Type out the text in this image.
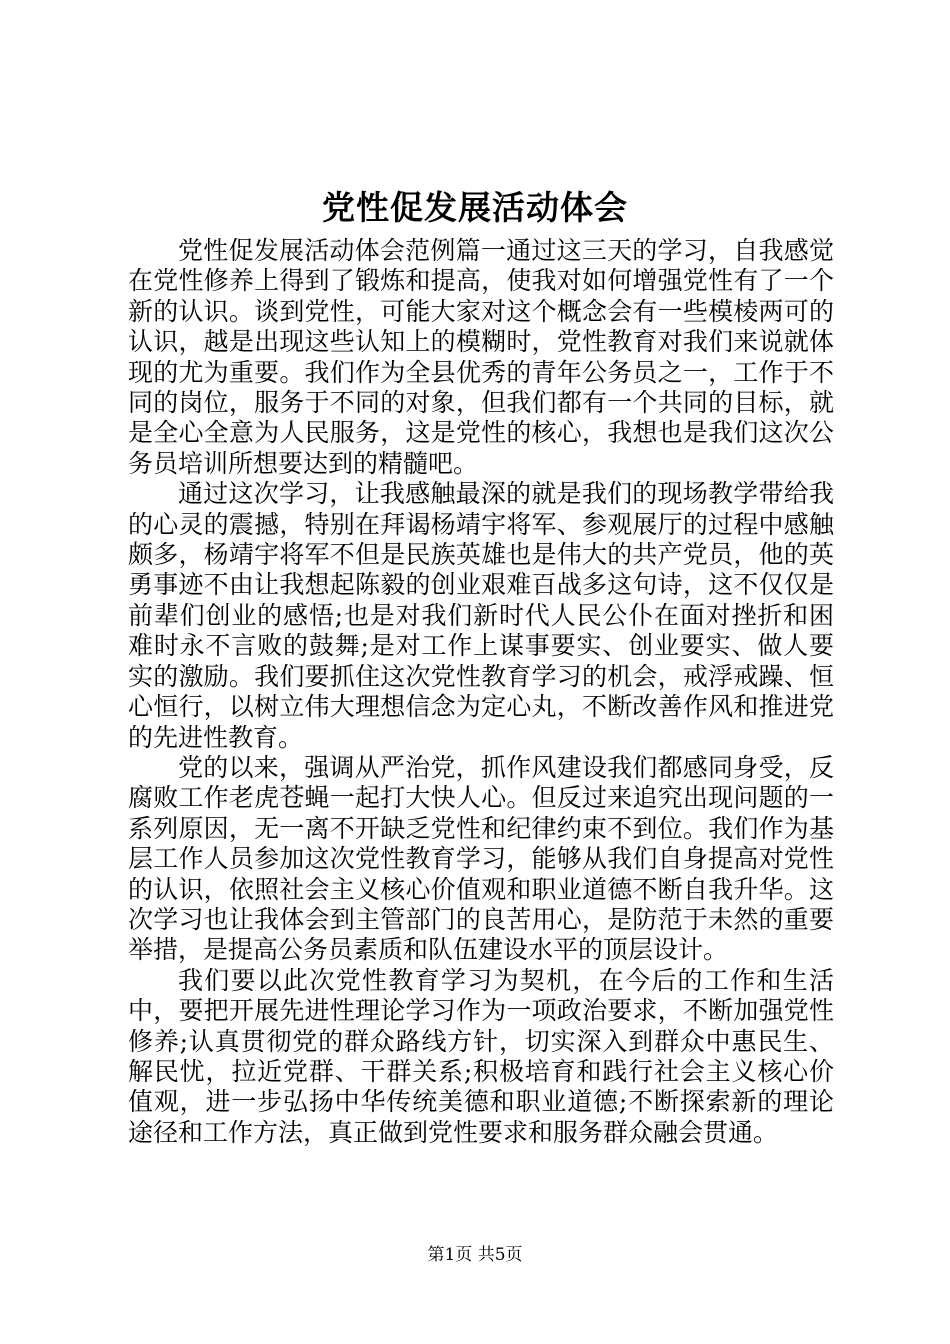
党性促发展活动体会

党性促发展活动体会范例篇一通过这三天的学习，自我感觉在党性修养上得到了锻炼和提高，使我对如何增强党性有了一个新的认识。谈到党性，可能大家对这个概念会有一些模棱两可的认识，越是出现这些认知上的模糊时，党性教育对我们来说就体现的尤为重要。我们作为全县优秀的青年公务员之一，工作于不同的岗位，服务于不同的对象，但我们都有一个共同的目标，就是全心全意为人民服务，这是党性的核心，我想也是我们这次公务员培训所想要达到的精髓吧。

通过这次学习，让我感触最深的就是我们的现场教学带给我的心灵的震撼，特别在拜谒杨靖宇将军、参观展厅的过程中感触颇多，杨靖宇将军不但是民族英雄也是伟大的共产党员，他的英勇事迹不由让我想起陈毅的创业艰难百战多这句诗，这不仅仅是前辈们创业的感悟;也是对我们新时代人民公仆在面对挫折和困难时永不言败的鼓舞;是对工作上谋事要实、创业要实、做人要实的激励。我们要抓住这次党性教育学习的机会，戒浮戒躁、恒心恒行，以树立伟大理想信念为定心丸，不断改善作风和推进党的先进性教育。

党的以来，强调从严治党，抓作风建设我们都感同身受，反腐败工作老虎苍蝇一起打大快人心。但反过来追究出现问题的一系列原因，无一离不开缺乏党性和纪律约束不到位。我们作为基层工作人员参加这次党性教育学习，能够从我们自身提高对党性的认识，依照社会主义核心价值观和职业道德不断自我升华。这次学习也让我体会到主管部门的良苦用心，是防范于未然的重要举措，是提高公务员素质和队伍建设水平的顶层设计。

我们要以此次党性教育学习为契机，在今后的工作和生活中，要把开展先进性理论学习作为一项政治要求，不断加强党性修养;认真贯彻党的群众路线方针，切实深入到群众中惠民生、解民忧，拉近党群、干群关系;积极培育和践行社会主义核心价值观，进一步弘扬中华传统美德和职业道德;不断探索新的理论途径和工作方法，真正做到党性要求和服务群众融会贯通。

第1页 共5页
